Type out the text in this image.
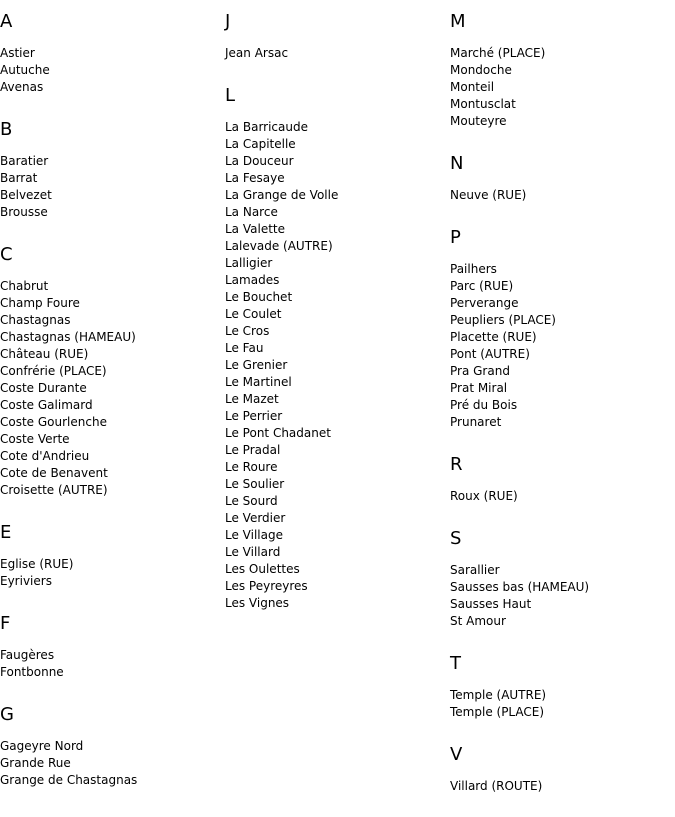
A
Astier
Autuche
Avenas
B
Baratier
Barrat
Belvezet
Brousse
C
Chabrut
Champ Foure
Chastagnas
Chastagnas (HAMEAU)
Château (RUE)
Confrérie (PLACE)
Coste Durante
Coste Galimard
Coste Gourlenche
Coste Verte
Cote d'Andrieu
Cote de Benavent
Croisette (AUTRE)
E
Eglise (RUE)
Eyriviers
F
Faugères
Fontbonne
G
Gageyre Nord
Grande Rue
Grange de Chastagnas
J
Jean Arsac
L
La Barricaude
La Capitelle
La Douceur
La Fesaye
La Grange de Volle
La Narce
La Valette
Lalevade (AUTRE)
Lalligier
Lamades
Le Bouchet
Le Coulet
Le Cros
Le Fau
Le Grenier
Le Martinel
Le Mazet
Le Perrier
Le Pont Chadanet
Le Pradal
Le Roure
Le Soulier
Le Sourd
Le Verdier
Le Village
Le Villard
Les Oulettes
Les Peyreyres
Les Vignes
M
Marché (PLACE)
Mondoche
Monteil
Montusclat
Mouteyre
N
Neuve (RUE)
P
Pailhers
Parc (RUE)
Perverange
Peupliers (PLACE)
Placette (RUE)
Pont (AUTRE)
Pra Grand
Prat Miral
Pré du Bois
Prunaret
R
Roux (RUE)
S
Sarallier
Sausses bas (HAMEAU)
Sausses Haut
St Amour
T
Temple (AUTRE)
Temple (PLACE)
V
Villard (ROUTE)
